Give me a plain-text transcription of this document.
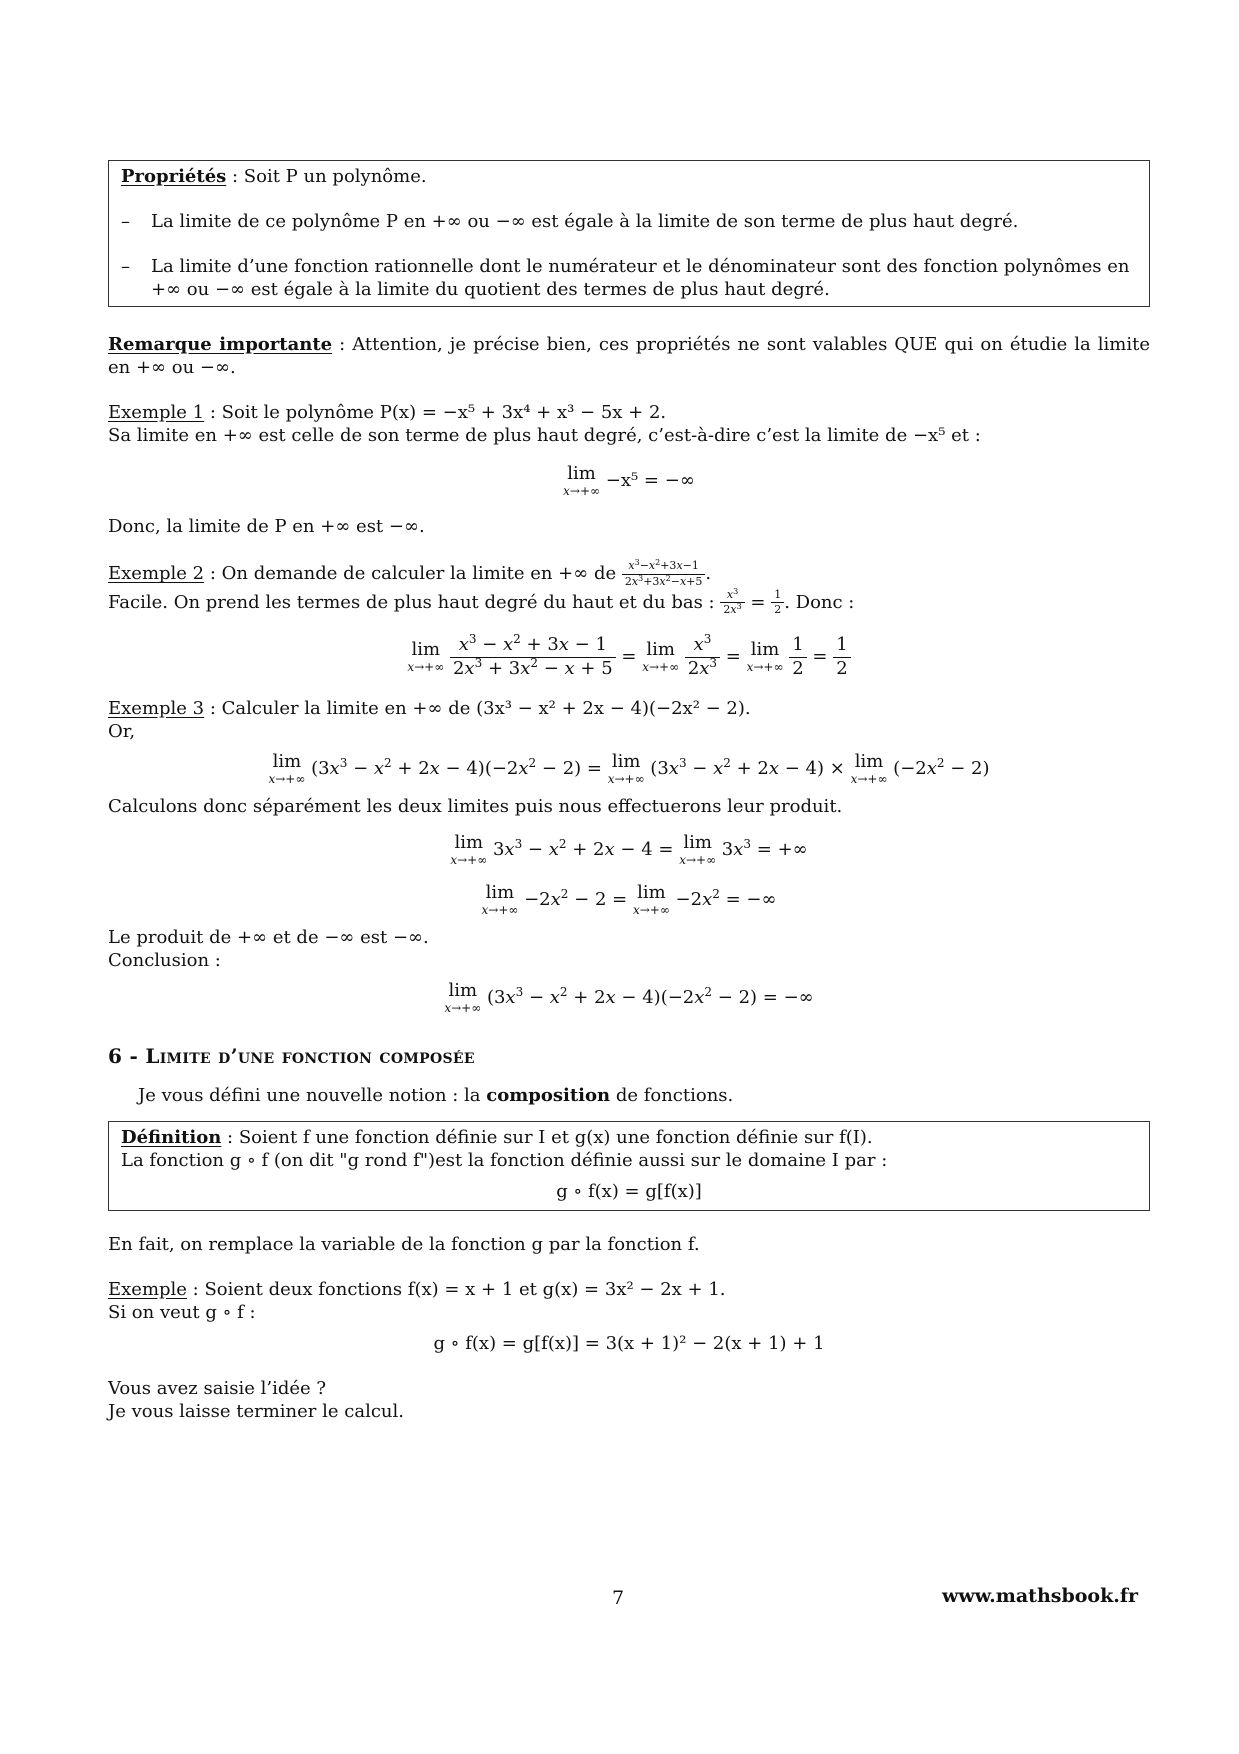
Propriétés : Soit P un polynôme.

– La limite de ce polynôme P en +∞ ou −∞ est égale à la limite de son terme de plus haut degré.

– La limite d’une fonction rationnelle dont le numérateur et le dénominateur sont des fonction polynômes en +∞ ou −∞ est égale à la limite du quotient des termes de plus haut degré.

Remarque importante : Attention, je précise bien, ces propriétés ne sont valables QUE qui on étudie la limite en +∞ ou −∞.

Exemple 1 : Soit le polynôme P(x) = −x⁵ + 3x⁴ + x³ − 5x + 2.

Sa limite en +∞ est celle de son terme de plus haut degré, c’est-à-dire c’est la limite de −x⁵ et :

lim
x→+∞ −x⁵ = −∞

Donc, la limite de P en +∞ est −∞.

Exemple 2 : On demande de calculer la limite en +∞ de $\frac{x^3-x^2+3x-1}{2x^3+3x^2-x+5}$ .

Facile. On prend les termes de plus haut degré du haut et du bas : $\frac{x^3}{2x^3} = \frac{1}{2}$ . Donc :

lim
x→+∞
$\frac{x^3 - x^2 + 3x - 1}{2x^3 + 3x^2 - x + 5} = \lim$
x→+∞
$\frac{x^3}{2x^3} = \lim$
x→+∞
$\frac{1}{2} = \frac{1}{2}$

Exemple 3 : Calculer la limite en +∞ de (3x³ − x² + 2x − 4)(−2x² − 2).

Or,

lim
x→+∞ $(3x^3 - x^2 + 2x - 4)(-2x^2 - 2) = \lim$
x→+∞ $(3x^3 - x^2 + 2x - 4) \times \lim$
x→+∞ $(-2x^2 - 2)$

Calculons donc séparément les deux limites puis nous effectuerons leur produit.

lim
x→+∞ $3x^3 - x^2 + 2x - 4 = \lim$
x→+∞ $3x^3$ = +∞
lim
$x\to+\infty -2x^2 - 2 = \lim$
$x\to+\infty -2x^2$ = −∞

Le produit de +∞ et de −∞ est −∞.

Conclusion :

lim
x→+∞ $(3x^3 - x^2 + 2x - 4)(-2x^2 - 2)$ = −∞
6 - Limite d’une fonction composée

Je vous défini une nouvelle notion : la composition de fonctions.

Définition : Soient f une fonction définie sur I et g(x) une fonction définie sur f(I).

La fonction g ∘ f (on dit "g rond f")est la fonction définie aussi sur le domaine I par :

g ∘ f(x) = g[f(x)]

En fait, on remplace la variable de la fonction g par la fonction f.

Exemple : Soient deux fonctions f(x) = x + 1 et g(x) = 3x² − 2x + 1.

Si on veut g ∘ f :

g ∘ f(x) = g[f(x)] = 3(x + 1)² − 2(x + 1) + 1

Vous avez saisie l’idée ?

Je vous laisse terminer le calcul.

7	www.mathsbook.fr
